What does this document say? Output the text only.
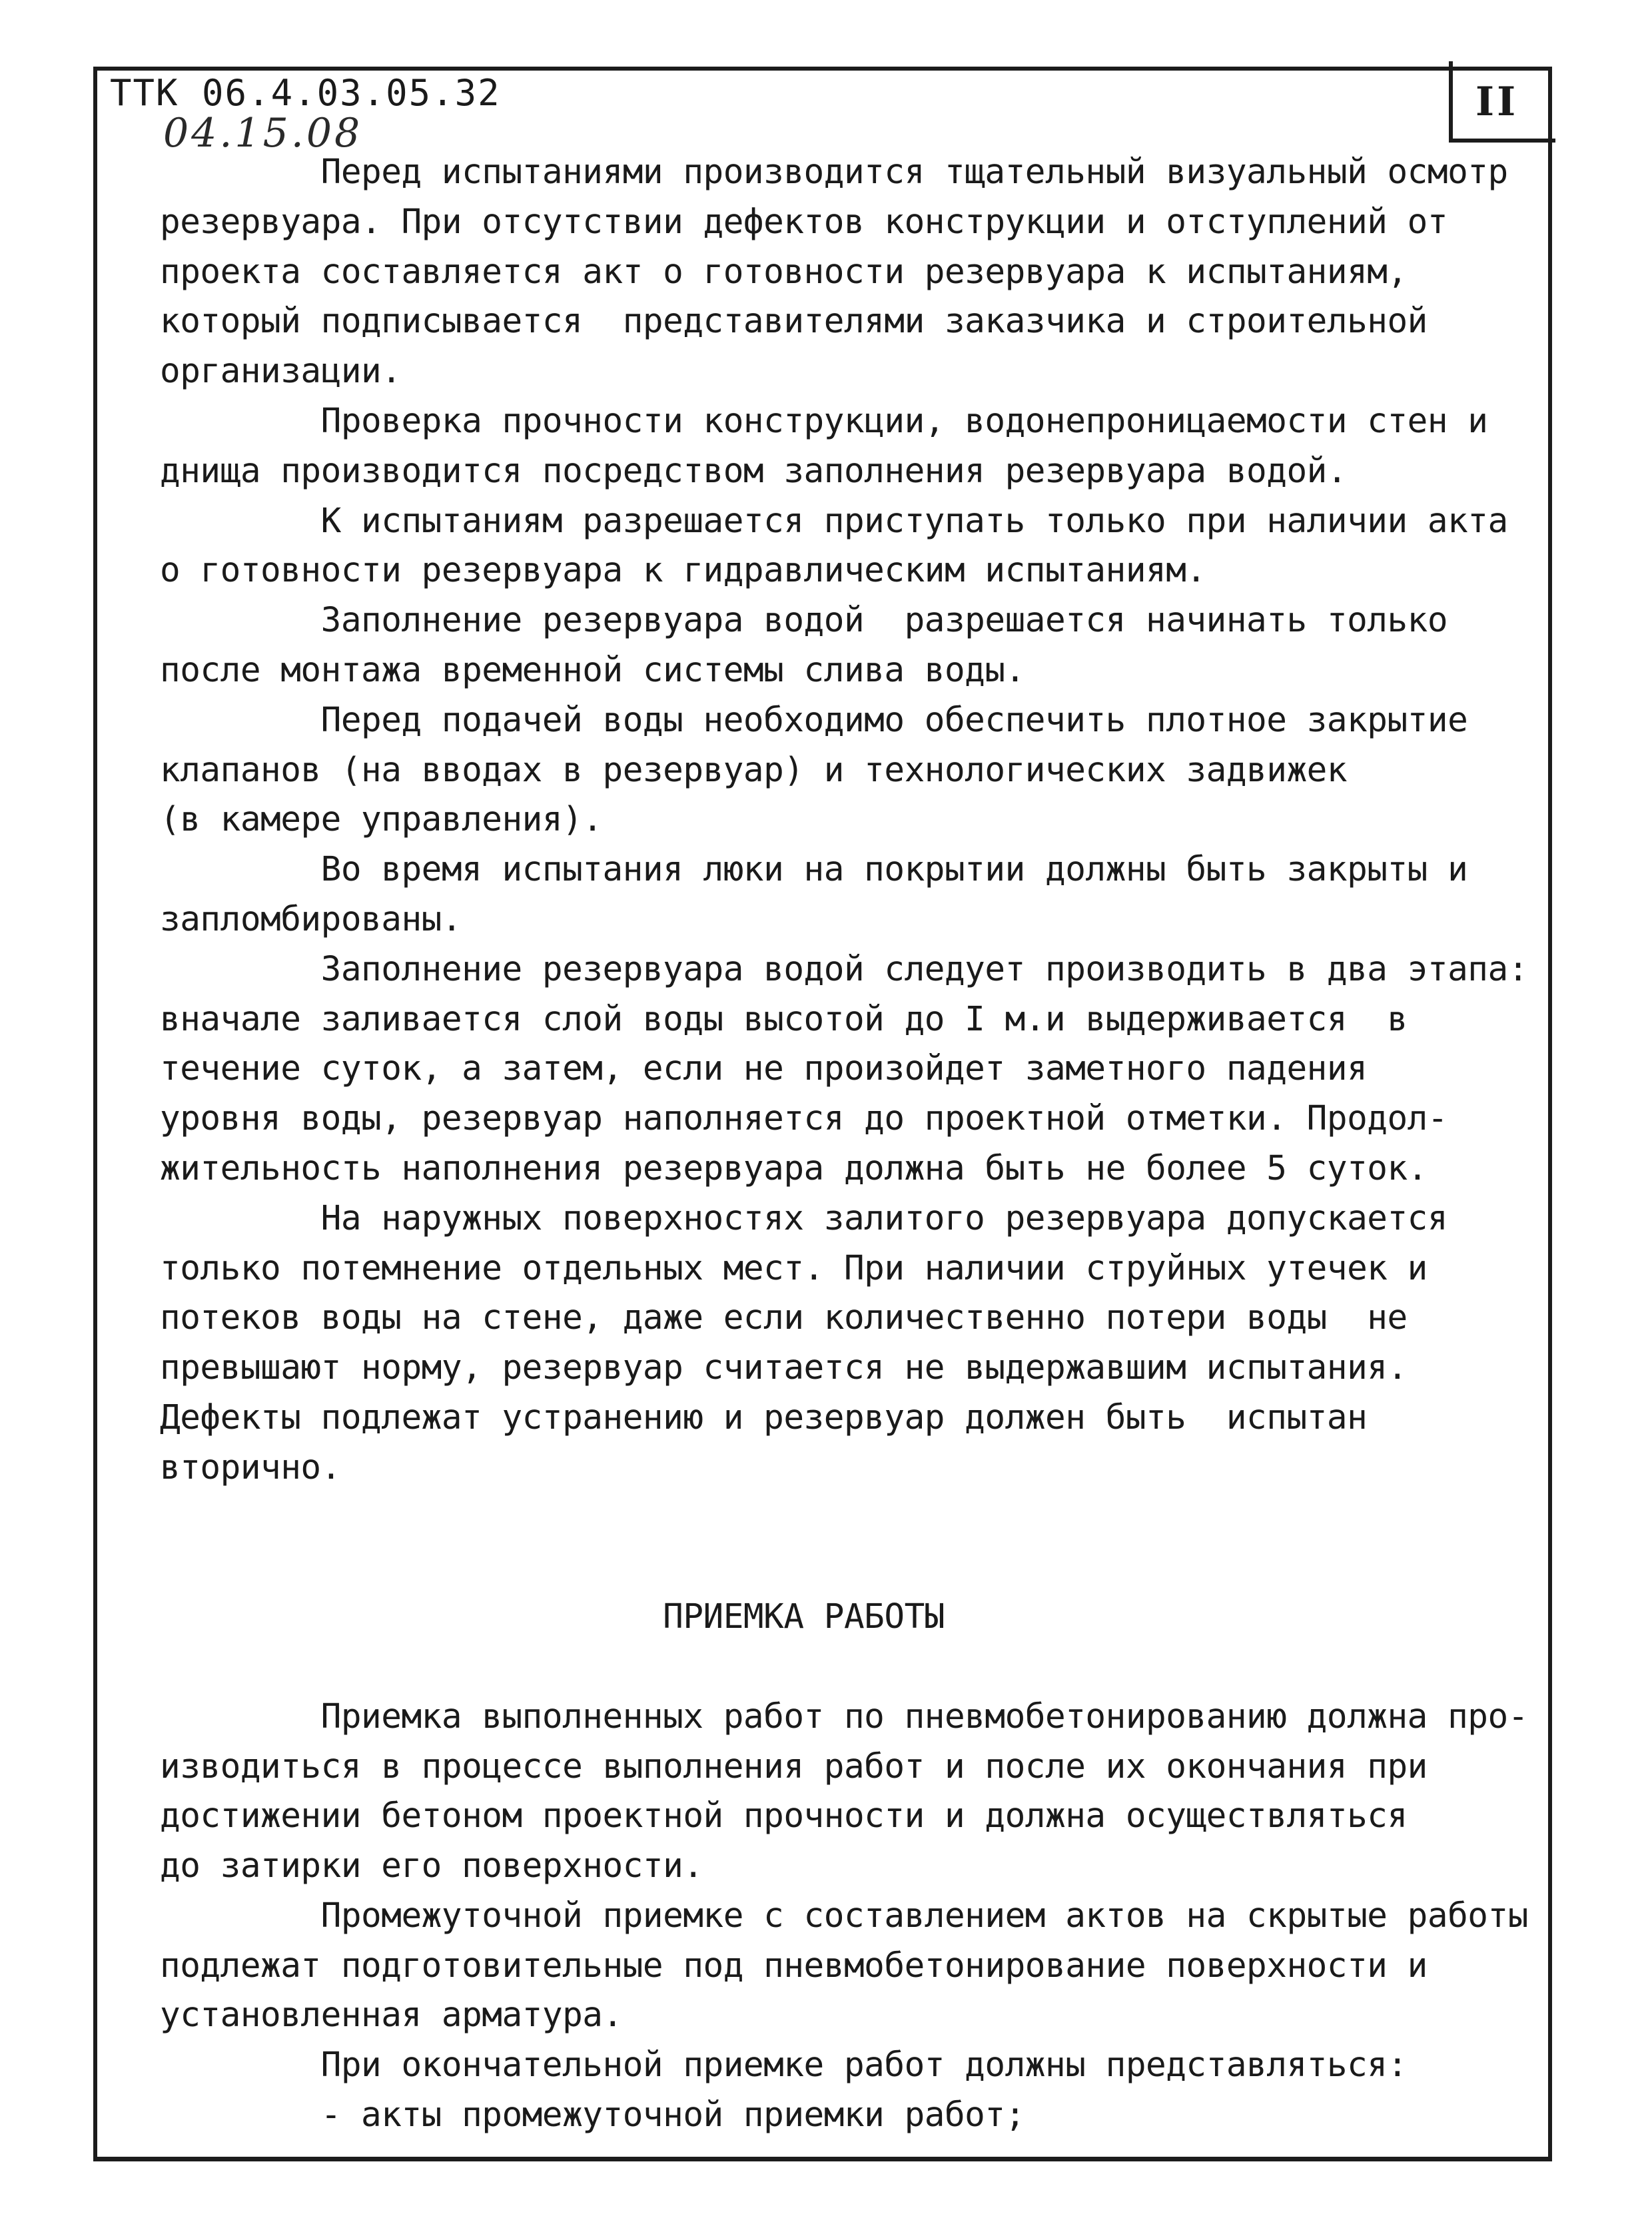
ТТК 06.4.03.05.32
04.15.08
II

Перед испытаниями производится тщательный визуальный осмотр

резервуара. При отсутствии дефектов конструкции и отступлений от

проекта составляется акт о готовности резервуара к испытаниям,

который подписывается  представителями заказчика и строительной

организации.

Проверка прочности конструкции, водонепроницаемости стен и

днища производится посредством заполнения резервуара водой.

К испытаниям разрешается приступать только при наличии акта

о готовности резервуара к гидравлическим испытаниям.

Заполнение резервуара водой  разрешается начинать только

после монтажа временной системы слива воды.

Перед подачей воды необходимо обеспечить плотное закрытие

клапанов (на вводах в резервуар) и технологических задвижек

(в камере управления).

Во время испытания люки на покрытии должны быть закрыты и

запломбированы.

Заполнение резервуара водой следует производить в два этапа:

вначале заливается слой воды высотой до I м.и выдерживается  в

течение суток, а затем, если не произойдет заметного падения

уровня воды, резервуар наполняется до проектной отметки. Продол-

жительность наполнения резервуара должна быть не более 5 суток.

На наружных поверхностях залитого резервуара допускается

только потемнение отдельных мест. При наличии струйных утечек и

потеков воды на стене, даже если количественно потери воды  не

превышают норму, резервуар считается не выдержавшим испытания.

Дефекты подлежат устранению и резервуар должен быть  испытан

вторично.

ПРИЕМКА РАБОТЫ

Приемка выполненных работ по пневмобетонированию должна про-

изводиться в процессе выполнения работ и после их окончания при

достижении бетоном проектной прочности и должна осуществляться

до затирки его поверхности.

Промежуточной приемке с составлением актов на скрытые работы

подлежат подготовительные под пневмобетонирование поверхности и

установленная арматура.

При окончательной приемке работ должны представляться:

- акты промежуточной приемки работ;
